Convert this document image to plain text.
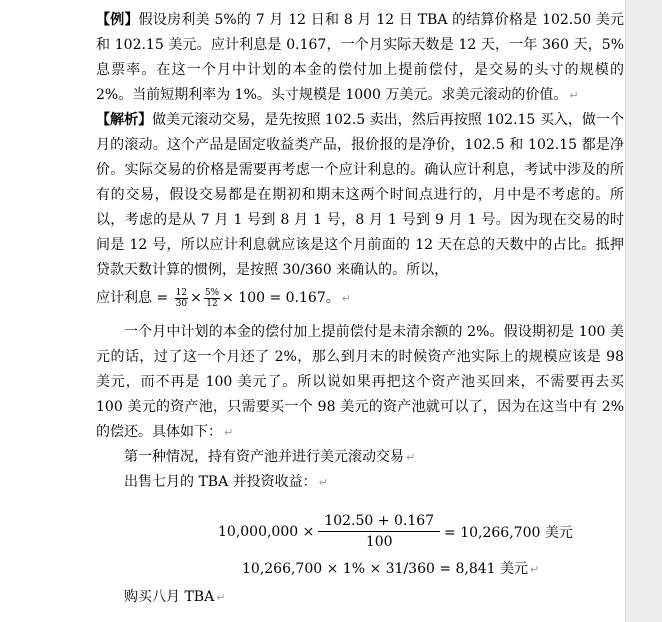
【例】假设房利美 5%的 7 月 12 日和 8 月 12 日 TBA 的结算价格是 102.50 美元和 102.15 美元。应计利息是 0.167，一个月实际天数是 12 天，一年 360 天，5%息票率。在这一个月中计划的本金的偿付加上提前偿付，是交易的头寸的规模的 2%。当前短期利率为 1%。头寸规模是 1000 万美元。求美元滚动的价值。 ↵

【解析】做美元滚动交易，是先按照 102.5 卖出，然后再按照 102.15 买入，做一个月的滚动。这个产品是固定收益类产品，报价报的是净价，102.5 和 102.15 都是净价。实际交易的价格是需要再考虑一个应计利息的。确认应计利息，考试中涉及的所有的交易，假设交易都是在期初和期末这两个时间点进行的，月中是不考虑的。所以，考虑的是从 7 月 1 号到 8 月 1 号，8 月 1 号到 9 月 1 号。因为现在交易的时间是 12 号，所以应计利息就应该是这个月前面的 12 天在总的天数中的占比。抵押贷款天数计算的惯例，是按照 30/360 来确认的。所以，

应计利息 = $\frac{12}{30} \times \frac{5\%}{12} \times 100 = 0.167$。 ↵

一个月中计划的本金的偿付加上提前偿付是未清余额的 2%。假设期初是 100 美元的话，过了这一个月还了 2%，那么到月末的时候资产池实际上的规模应该是 98 美元，而不再是 100 美元了。所以说如果再把这个资产池买回来，不需要再去买 100 美元的资产池，只需要买一个 98 美元的资产池就可以了，因为在这当中有 2%的偿还。具体如下： ↵

第一种情况，持有资产池并进行美元滚动交易 ↵

出售七月的 TBA 并投资收益： ↵

$10,000,000 \times \frac{102.50 + 0.167}{100} = 10,266,700$ 美元
10,266,700 × 1% × 31/360 = 8,841 美元 ↵
购买八月 TBA ↵
